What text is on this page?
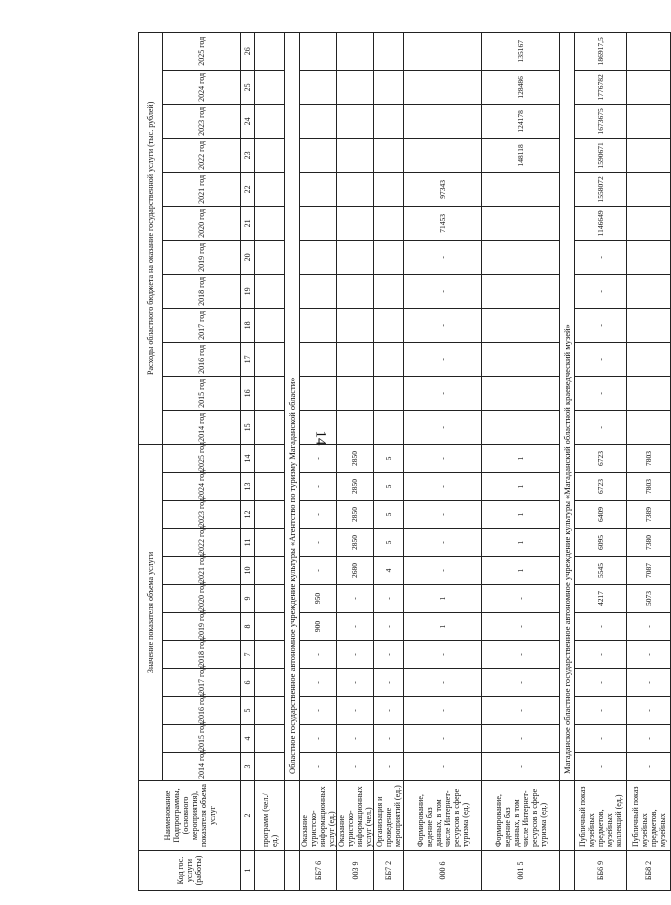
14
Код гос. услуги (работы)	Наименование Подпрограммы, (основного мероприятия), показателя объема услуг	Значение показателя объема услуги												Расходы областного бюджета на оказание государственной услуги (тыс. рублей)												
		2014 год	2015 год	2016 год	2017 год	2018 год	2019 год	2020 год	2021 год	2022 год	2023 год	2024 год	2025 год	2014 год	2015 год	2016 год	2017 год	2018 год	2019 год	2020 год	2021 год	2022 год	2023 год	2024 год	2025 год	
1	2	3	4	5	6	7	8	9	10	11	12	13	14	15	16	17	18	19	20	21	22	23	24	25	26	
	программ (чел./ед.)																									
		Областное государственное автономное учреждение культуры «Агентство по туризму Магаданской области»																								
ББ7 6	Оказание туристско-информационных услуг (ед.)	-	-	-	-	-	900	950	-	-	-	-	-													
003 9	Оказание туристско-информационных услуг (чел.)	-	-	-	-	-	-	-	2680	2850	2850	2850	2850													
ББ7 2	Организация и проведение мероприятий (ед.)	-	-	-	-	-	-	-	4	5	5	5	5													
000 6	Формирование, ведение баз данных, в том числе Интернет-ресурсов в сфере туризма (ед.)	-	-	-	-	-	1	1	-	-	-	-	-	-	-	-	-	-	-	71453	97343					
001 5	Формирование, ведение баз данных, в том числе Интернет-ресурсов в сфере туризма (ед.)	-	-	-	-	-	-	-	1	1	1	1	1									148118	124178	128486	135167	
		Магаданское областное государственное автономное учреждение культуры «Магаданский областной краеведческий музей»																								
ББ6 9	Публичный показ музейных предметов, музейных коллекций (ед.)	-	-	-	-	-	-	4217	5545	6095	6409	6723	6723	-	-	-	-	-	-	1146649	1558072	1590671	1673675	1776782	186917,5	
ББ8 2	Публичный показ музейных предметов, музейных	-	-	-	-	-	-	5073	7087	7380	7389	7803	7803													
